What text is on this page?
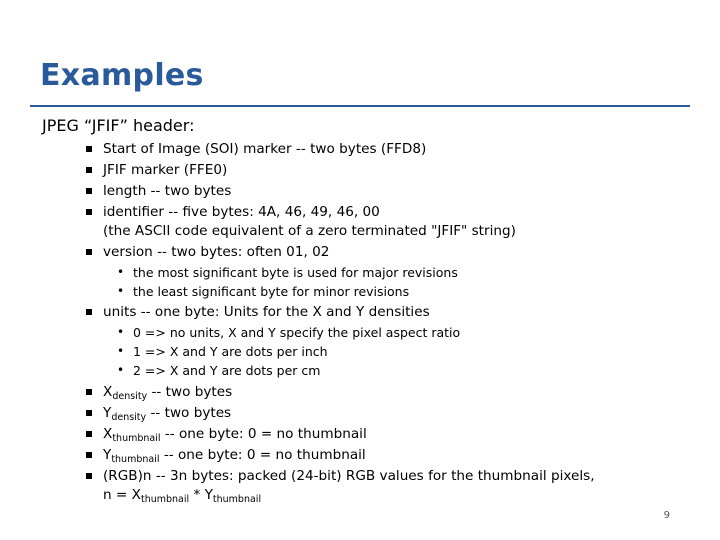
Examples
JPEG “JFIF” header:
Start of Image (SOI) marker -- two bytes (FFD8)
JFIF marker (FFE0)
length -- two bytes
identifier -- five bytes: 4A, 46, 49, 46, 00
(the ASCII code equivalent of a zero terminated "JFIF" string)
version -- two bytes: often 01, 02
•
the most significant byte is used for major revisions
•
the least significant byte for minor revisions
units -- one byte: Units for the X and Y densities
•
0 => no units, X and Y specify the pixel aspect ratio
•
1 => X and Y are dots per inch
•
2 => X and Y are dots per cm
$X_{density}$ -- two bytes
$Y_{density}$ -- two bytes
$X_{thumbnail}$ -- one byte: 0 = no thumbnail
$Y_{thumbnail}$ -- one byte: 0 = no thumbnail
(RGB)n -- 3n bytes: packed (24-bit) RGB values for the thumbnail pixels,
$n = X_{thumbnail} * Y_{thumbnail}$
9
